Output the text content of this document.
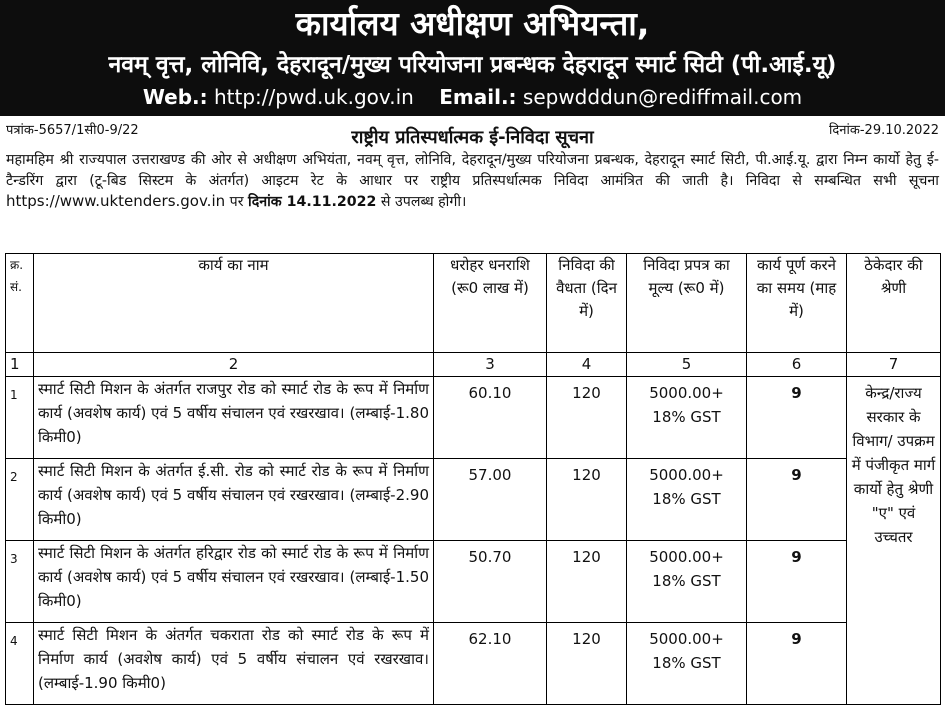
कार्यालय अधीक्षण अभियन्ता,
नवम् वृत्त, लोनिवि, देहरादून/मुख्य परियोजना प्रबन्धक देहरादून स्मार्ट सिटी (पी.आई.यू)
Web.: http://pwd.uk.gov.in Email.: sepwdddun@rediffmail.com
पत्रांक-5657/1सी0-9/22	दिनांक-29.10.2022
राष्ट्रीय प्रतिस्पर्धात्मक ई-निविदा सूचना
महामहिम श्री राज्यपाल उत्तराखण्ड की ओर से अधीक्षण अभियंता, नवम् वृत्त, लोनिवि, देहरादून/मुख्य परियोजना प्रबन्धक, देहरादून स्मार्ट सिटी, पी.आई.यू. द्वारा निम्न कार्यो हेतु ई-टैन्डरिंग द्वारा (टू-बिड सिस्टम के अंतर्गत) आइटम रेट के आधार पर राष्ट्रीय प्रतिस्पर्धात्मक निविदा आमंत्रित की जाती है। निविदा से सम्बन्धित सभी सूचना https://www.uktenders.gov.in पर दिनांक 14.11.2022 से उपलब्ध होगी।
क्र. सं.	कार्य का नाम	धरोहर धनराशि (रू0 लाख में)	निविदा की वैधता (दिन में)	निविदा प्रपत्र का मूल्य (रू0 में)	कार्य पूर्ण करने का समय (माह में)	ठेकेदार की श्रेणी
1	2	3	4	5	6	7
1	स्मार्ट सिटी मिशन के अंतर्गत राजपुर रोड को स्मार्ट रोड के रूप में निर्माण कार्य (अवशेष कार्य) एवं 5 वर्षीय संचालन एवं रखरखाव। (लम्बाई-1.80 किमी0)	60.10	120	5000.00+
18% GST	9	केन्द्र/राज्य सरकार के विभाग/ उपक्रम में पंजीकृत मार्ग कार्यो हेतु श्रेणी "ए" एवं उच्चतर
2	स्मार्ट सिटी मिशन के अंतर्गत ई.सी. रोड को स्मार्ट रोड के रूप में निर्माण कार्य (अवशेष कार्य) एवं 5 वर्षीय संचालन एवं रखरखाव। (लम्बाई-2.90 किमी0)	57.00	120	5000.00+
18% GST	9	
3	स्मार्ट सिटी मिशन के अंतर्गत हरिद्वार रोड को स्मार्ट रोड के रूप में निर्माण कार्य (अवशेष कार्य) एवं 5 वर्षीय संचालन एवं रखरखाव। (लम्बाई-1.50 किमी0)	50.70	120	5000.00+
18% GST	9	
4	स्मार्ट सिटी मिशन के अंतर्गत चकराता रोड को स्मार्ट रोड के रूप में निर्माण कार्य (अवशेष कार्य) एवं 5 वर्षीय संचालन एवं रखरखाव। (लम्बाई-1.90 किमी0)	62.10	120	5000.00+
18% GST	9	
